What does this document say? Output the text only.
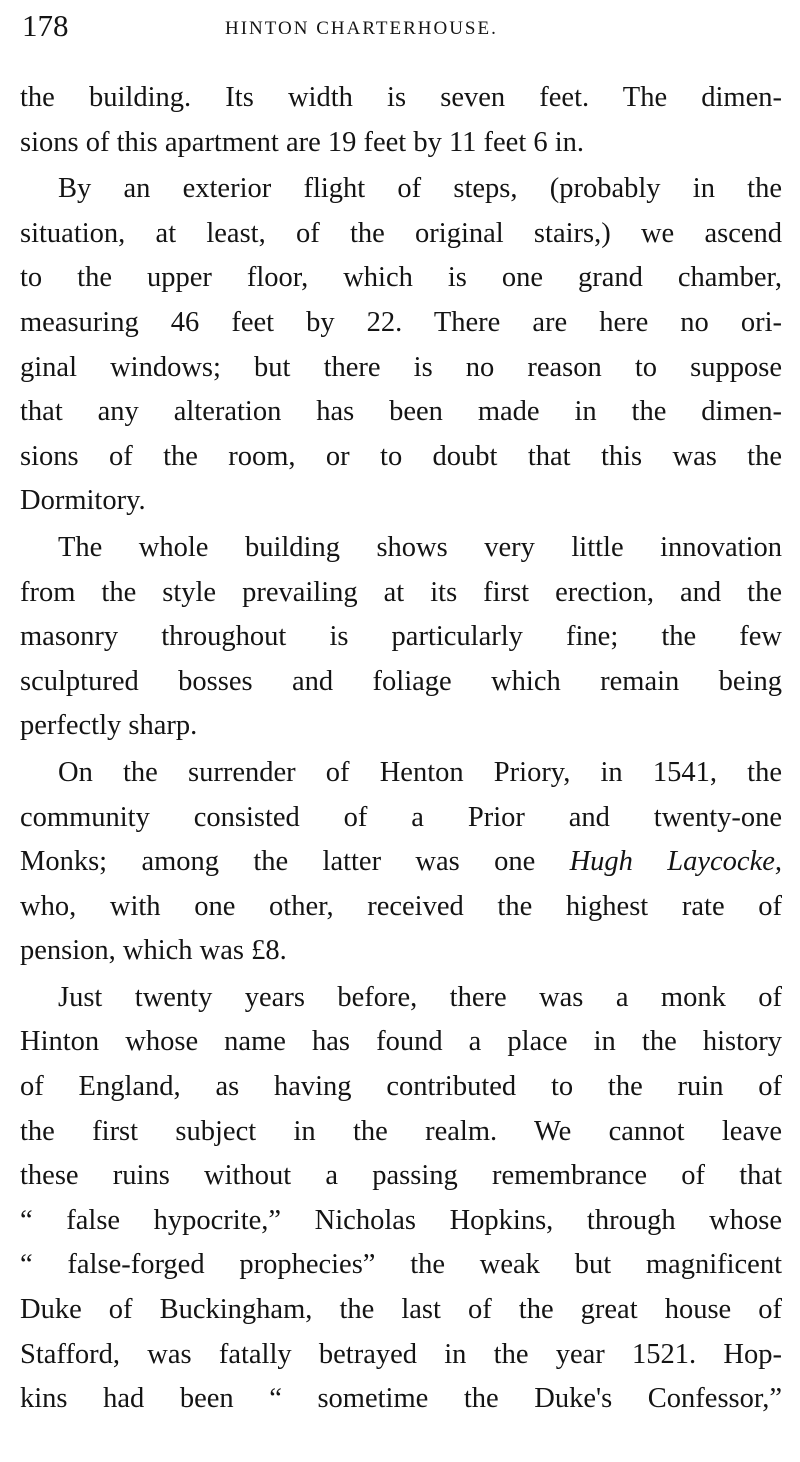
178	HINTON CHARTERHOUSE.
the building. Its width is seven feet. The dimen-
sions of this apartment are 19 feet by 11 feet 6 in.
By an exterior flight of steps, (probably in the
situation, at least, of the original stairs,) we ascend
to the upper floor, which is one grand chamber,
measuring 46 feet by 22. There are here no ori-
ginal windows; but there is no reason to suppose
that any alteration has been made in the dimen-
sions of the room, or to doubt that this was the
Dormitory.
The whole building shows very little innovation
from the style prevailing at its first erection, and the
masonry throughout is particularly fine; the few
sculptured bosses and foliage which remain being
perfectly sharp.
On the surrender of Henton Priory, in 1541, the
community consisted of a Prior and twenty-one
Monks; among the latter was one Hugh Laycocke,
who, with one other, received the highest rate of
pension, which was £8.
Just twenty years before, there was a monk of
Hinton whose name has found a place in the history
of England, as having contributed to the ruin of
the first subject in the realm. We cannot leave
these ruins without a passing remembrance of that
“ false hypocrite,” Nicholas Hopkins, through whose
“ false-forged prophecies” the weak but magnificent
Duke of Buckingham, the last of the great house of
Stafford, was fatally betrayed in the year 1521. Hop-
kins had been “ sometime the Duke's Confessor,”
